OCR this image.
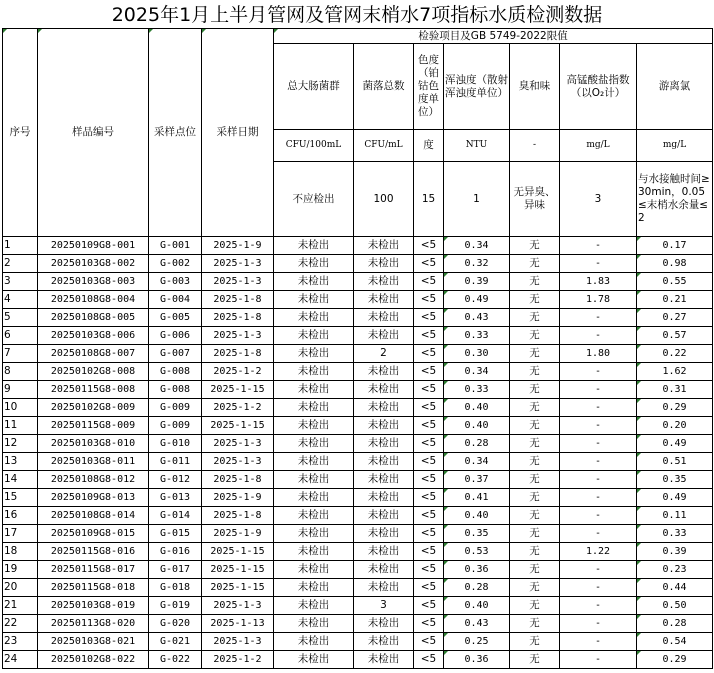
2025年1月上半月管网及管网末梢水7项指标水质检测数据
序号	样品编号	采样点位	采样日期	检验项目及GB 5749-2022限值						
				总大肠菌群	菌落总数	色度（铂钴色度单位）	浑浊度（散射浑浊度单位）	臭和味	高锰酸盐指数（以O₂计）	游离氯

				CFU/100mL	CFU/mL	度	NTU	-	mg/L	mg/L
				不应检出	100	15	1	无异臭、异味	3	与水接触时间≥30min，0.05≤末梢水余量≤2
1	20250109G8-001	G-001	2025-1-9	未检出	未检出	<5	0.34	无	-	0.17
2	20250103G8-002	G-002	2025-1-3	未检出	未检出	<5	0.32	无	-	0.98
3	20250103G8-003	G-003	2025-1-3	未检出	未检出	<5	0.39	无	1.83	0.55
4	20250108G8-004	G-004	2025-1-8	未检出	未检出	<5	0.49	无	1.78	0.21
5	20250108G8-005	G-005	2025-1-8	未检出	未检出	<5	0.43	无	-	0.27
6	20250103G8-006	G-006	2025-1-3	未检出	未检出	<5	0.33	无	-	0.57
7	20250108G8-007	G-007	2025-1-8	未检出	2	<5	0.30	无	1.80	0.22
8	20250102G8-008	G-008	2025-1-2	未检出	未检出	<5	0.34	无	-	1.62
9	20250115G8-008	G-008	2025-1-15	未检出	未检出	<5	0.33	无	-	0.31
10	20250102G8-009	G-009	2025-1-2	未检出	未检出	<5	0.40	无	-	0.29
11	20250115G8-009	G-009	2025-1-15	未检出	未检出	<5	0.40	无	-	0.20
12	20250103G8-010	G-010	2025-1-3	未检出	未检出	<5	0.28	无	-	0.49
13	20250103G8-011	G-011	2025-1-3	未检出	未检出	<5	0.34	无	-	0.51
14	20250108G8-012	G-012	2025-1-8	未检出	未检出	<5	0.37	无	-	0.35
15	20250109G8-013	G-013	2025-1-9	未检出	未检出	<5	0.41	无	-	0.49
16	20250108G8-014	G-014	2025-1-8	未检出	未检出	<5	0.40	无	-	0.11
17	20250109G8-015	G-015	2025-1-9	未检出	未检出	<5	0.35	无	-	0.33
18	20250115G8-016	G-016	2025-1-15	未检出	未检出	<5	0.53	无	1.22	0.39
19	20250115G8-017	G-017	2025-1-15	未检出	未检出	<5	0.36	无	-	0.23
20	20250115G8-018	G-018	2025-1-15	未检出	未检出	<5	0.28	无	-	0.44
21	20250103G8-019	G-019	2025-1-3	未检出	3	<5	0.40	无	-	0.50
22	20250113G8-020	G-020	2025-1-13	未检出	未检出	<5	0.43	无	-	0.28
23	20250103G8-021	G-021	2025-1-3	未检出	未检出	<5	0.25	无	-	0.54
24	20250102G8-022	G-022	2025-1-2	未检出	未检出	<5	0.36	无	-	0.29
